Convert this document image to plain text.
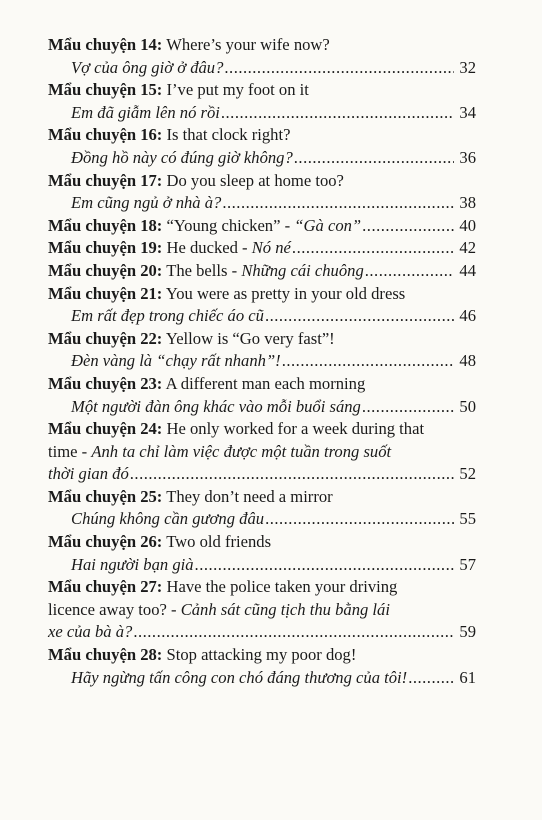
Mẩu chuyện 14: Where’s your wife now?
Vợ của ông giờ ở đâu? .....	32
Mẩu chuyện 15: I’ve put my foot on it
Em đã giẫm lên nó rồi .....	34
Mẩu chuyện 16: Is that clock right?
Đồng hồ này có đúng giờ không? .....	36
Mẩu chuyện 17: Do you sleep at home too?
Em cũng ngủ ở nhà à? .....	38
Mẩu chuyện 18: “Young chicken” - “Gà con” .....	40
Mẩu chuyện 19: He ducked - Nó né .....	42
Mẩu chuyện 20: The bells - Những cái chuông .....	44
Mẩu chuyện 21: You were as pretty in your old dress
Em rất đẹp trong chiếc áo cũ .....	46
Mẩu chuyện 22: Yellow is “Go very fast”!
Đèn vàng là “chạy rất nhanh”! .....	48
Mẩu chuyện 23: A different man each morning
Một người đàn ông khác vào mỗi buổi sáng .....	50
Mẩu chuyện 24: He only worked for a week during that
time - Anh ta chỉ làm việc được một tuần trong suốt
thời gian đó .....	52
Mẩu chuyện 25: They don’t need a mirror
Chúng không cần gương đâu .....	55
Mẩu chuyện 26: Two old friends
Hai người bạn già .....	57
Mẩu chuyện 27: Have the police taken your driving
licence away too? - Cảnh sát cũng tịch thu bằng lái
xe của bà à? .....	59
Mẩu chuyện 28: Stop attacking my poor dog!
Hãy ngừng tấn công con chó đáng thương của tôi! .....	61
